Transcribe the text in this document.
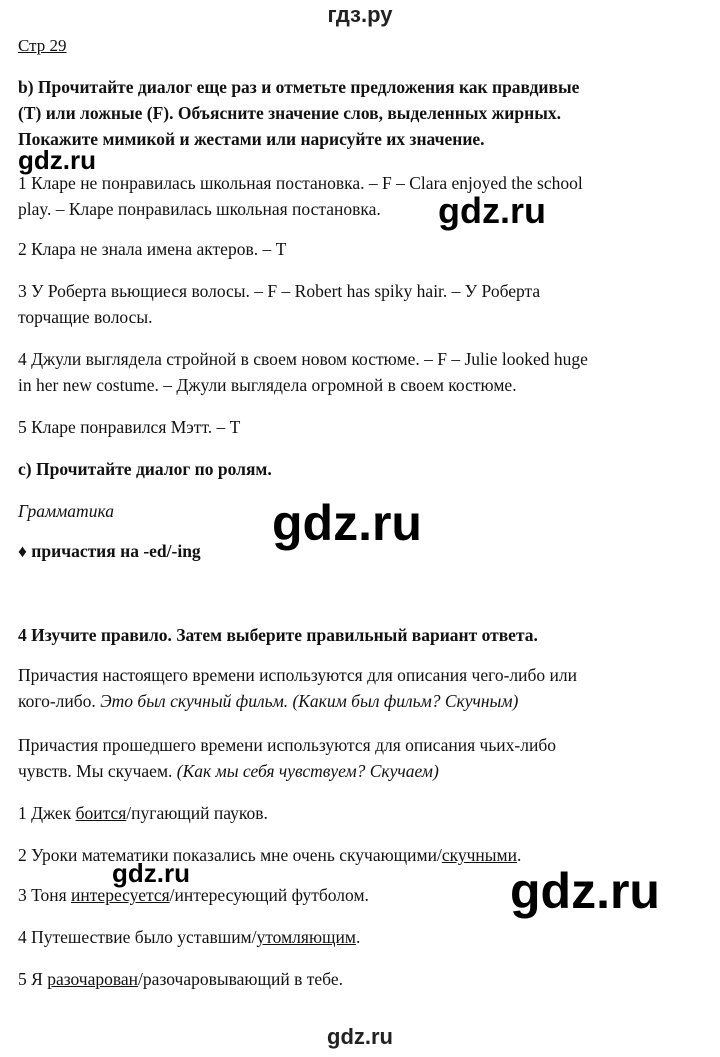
гдз.ру
Стр 29
b) Прочитайте диалог еще раз и отметьте предложения как правдивые
(T) или ложные (F). Объясните значение слов, выделенных жирных.
Покажите мимикой и жестами или нарисуйте их значение.
1 Кларе не понравилась школьная постановка. – F – Clara enjoyed the school
play. – Кларе понравилась школьная постановка.
2 Клара не знала имена актеров. – T
3 У Роберта вьющиеся волосы. – F – Robert has spiky hair. – У Роберта
торчащие волосы.
4 Джули выглядела стройной в своем новом костюме. – F – Julie looked huge
in her new costume. – Джули выглядела огромной в своем костюме.
5 Кларе понравился Мэтт. – T
c) Прочитайте диалог по ролям.
Грамматика
♦ причастия на -ed/-ing
4 Изучите правило. Затем выберите правильный вариант ответа.
Причастия настоящего времени используются для описания чего-либо или
кого-либо. Это был скучный фильм. (Каким был фильм? Скучным)
Причастия прошедшего времени используются для описания чьих-либо
чувств. Мы скучаем. (Как мы себя чувствуем? Скучаем)
1 Джек боится/пугающий пауков.
2 Уроки математики показались мне очень скучающими/скучными.
3 Тоня интересуется/интересующий футболом.
4 Путешествие было уставшим/утомляющим.
5 Я разочарован/разочаровывающий в тебе.
gdz.ru
gdz.ru
gdz.ru
gdz.ru	gdz.ru
gdz.ru
